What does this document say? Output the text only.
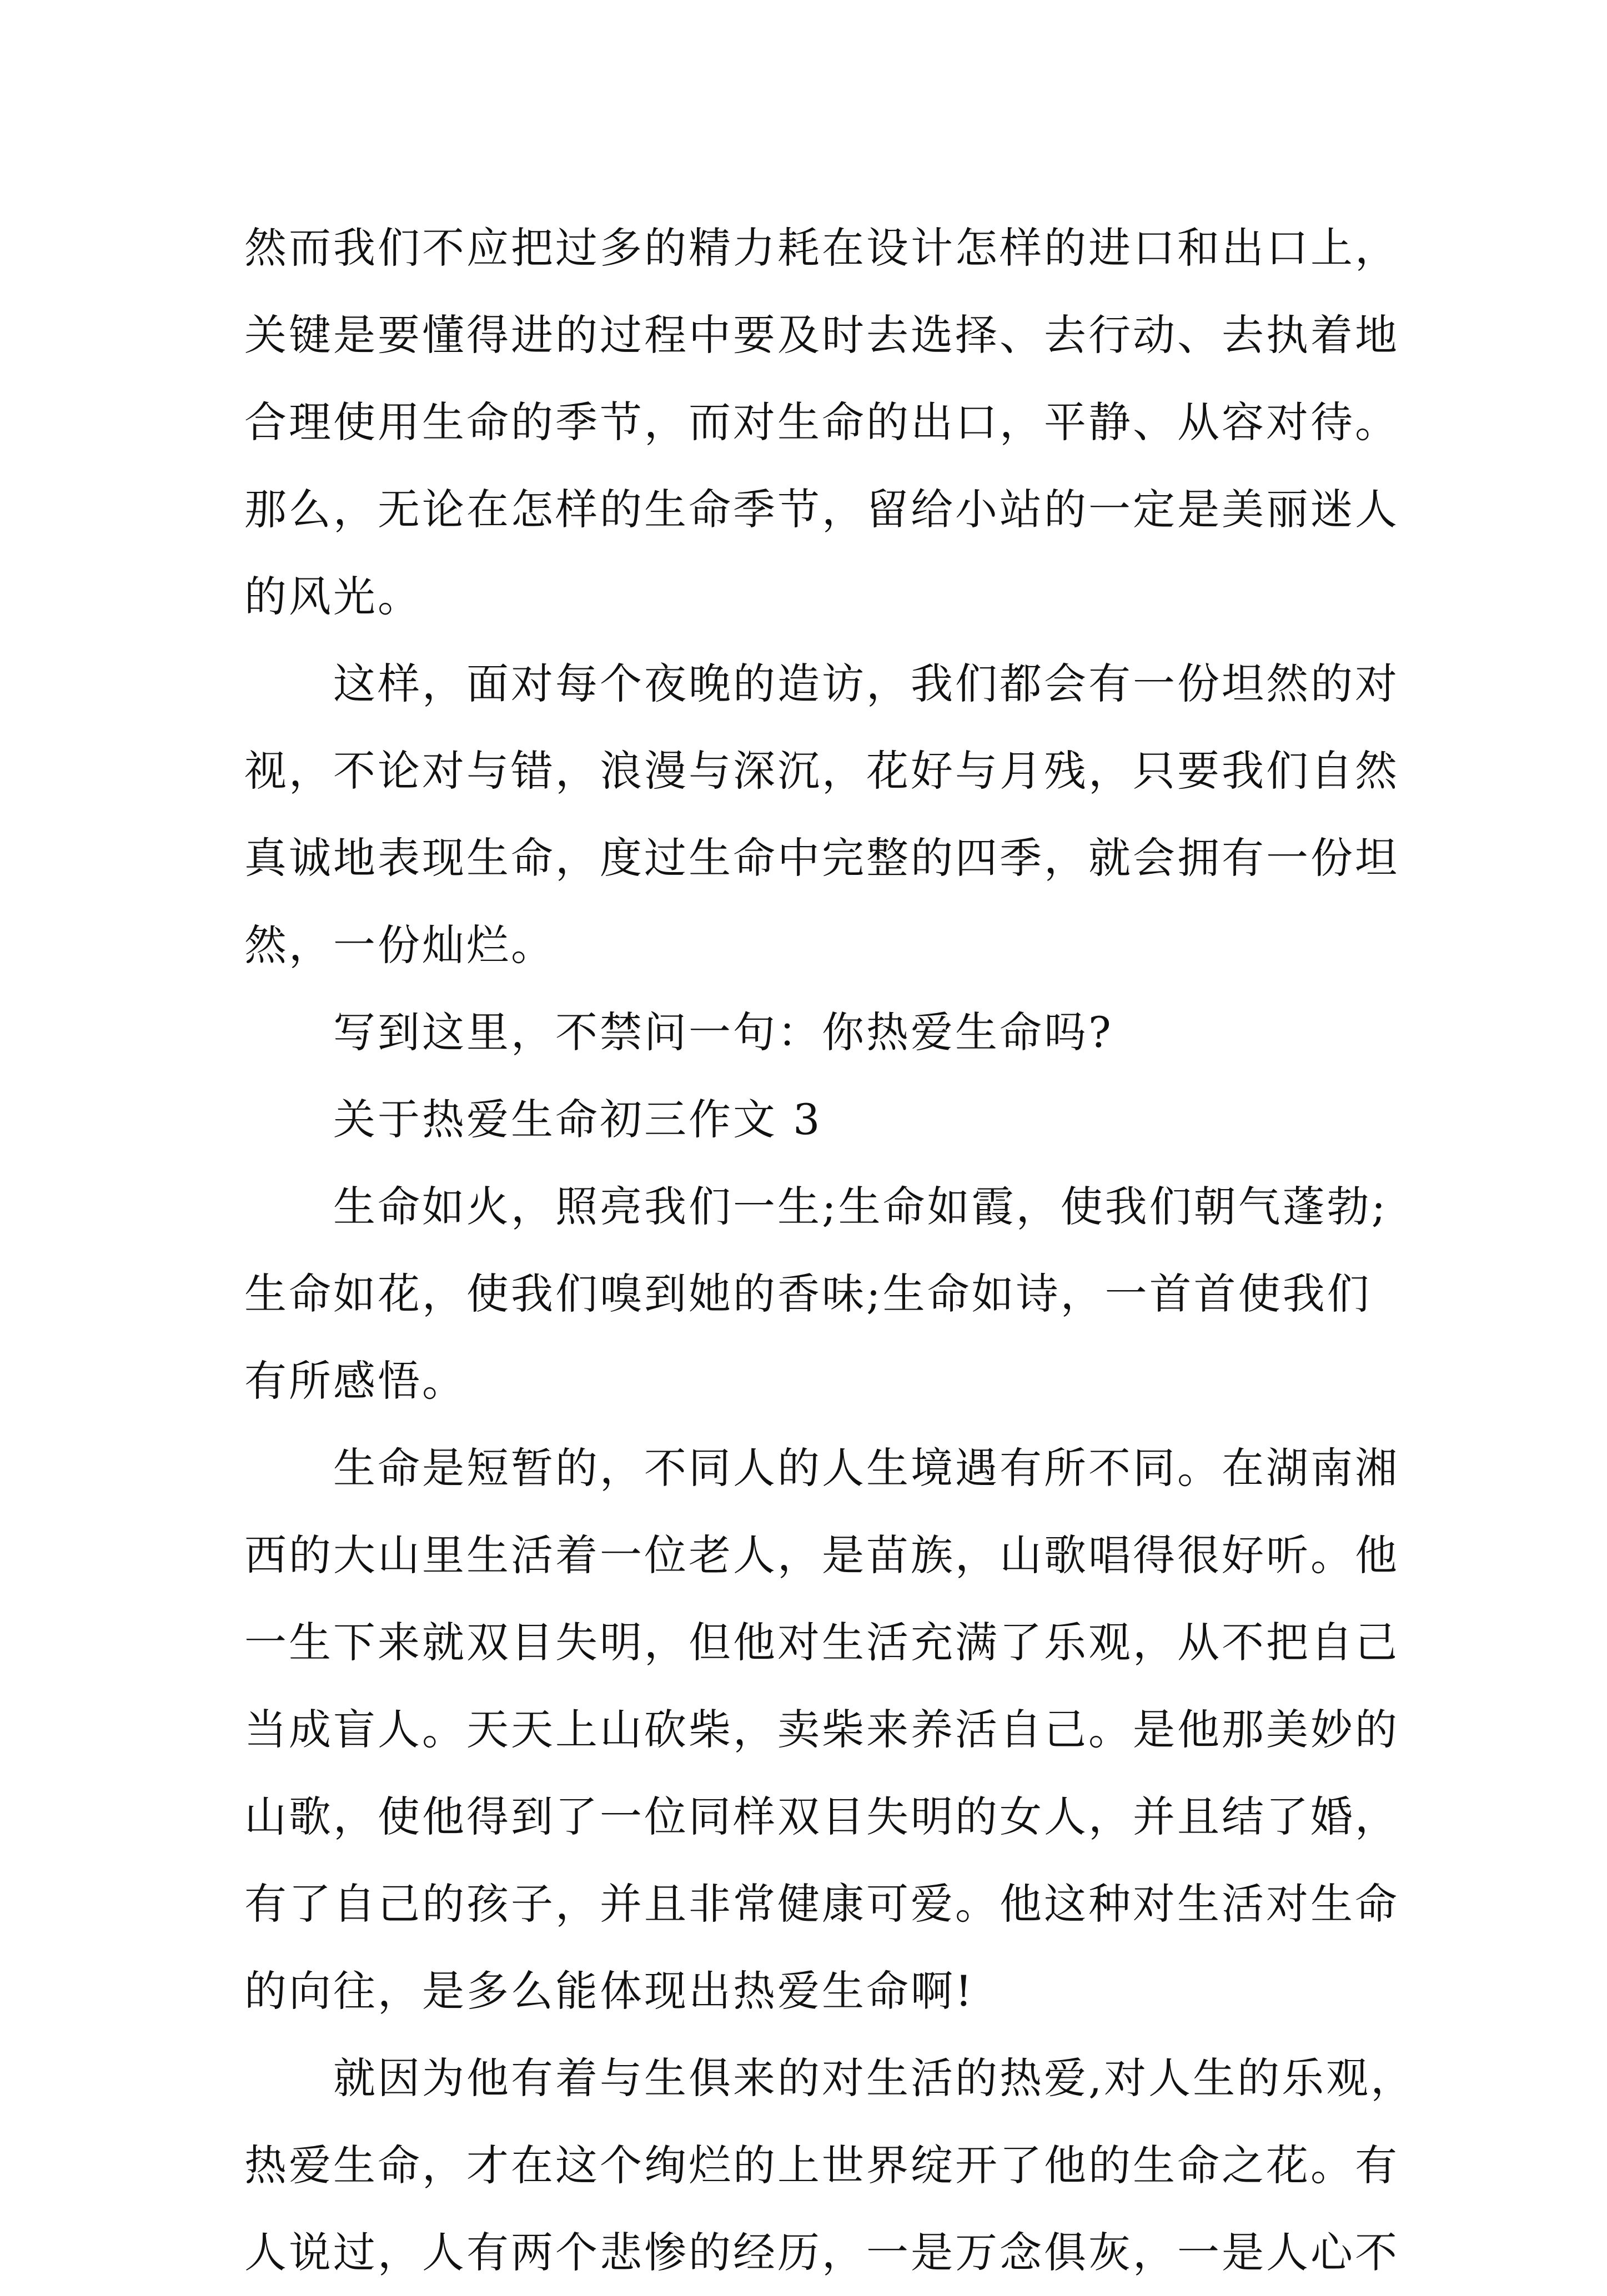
然而我们不应把过多的精力耗在设计怎样的进口和出口上，
关键是要懂得进的过程中要及时去选择、去行动、去执着地
合理使用生命的季节，而对生命的出口，平静、从容对待。
那么，无论在怎样的生命季节，留给小站的一定是美丽迷人
的风光。
这样，面对每个夜晚的造访，我们都会有一份坦然的对
视，不论对与错，浪漫与深沉，花好与月残，只要我们自然
真诚地表现生命，度过生命中完整的四季，就会拥有一份坦
然，一份灿烂。
写到这里，不禁问一句：你热爱生命吗?
关于热爱生命初三作文 3
生命如火，照亮我们一生;生命如霞，使我们朝气蓬勃;
生命如花，使我们嗅到她的香味;生命如诗，一首首使我们
有所感悟。
生命是短暂的，不同人的人生境遇有所不同。在湖南湘
西的大山里生活着一位老人，是苗族，山歌唱得很好听。他
一生下来就双目失明，但他对生活充满了乐观，从不把自己
当成盲人。天天上山砍柴，卖柴来养活自己。是他那美妙的
山歌，使他得到了一位同样双目失明的女人，并且结了婚，
有了自己的孩子，并且非常健康可爱。他这种对生活对生命
的向往，是多么能体现出热爱生命啊!
就因为他有着与生俱来的对生活的热爱,对人生的乐观，
热爱生命，才在这个绚烂的上世界绽开了他的生命之花。有
人说过，人有两个悲惨的经历，一是万念俱灰，一是人心不
